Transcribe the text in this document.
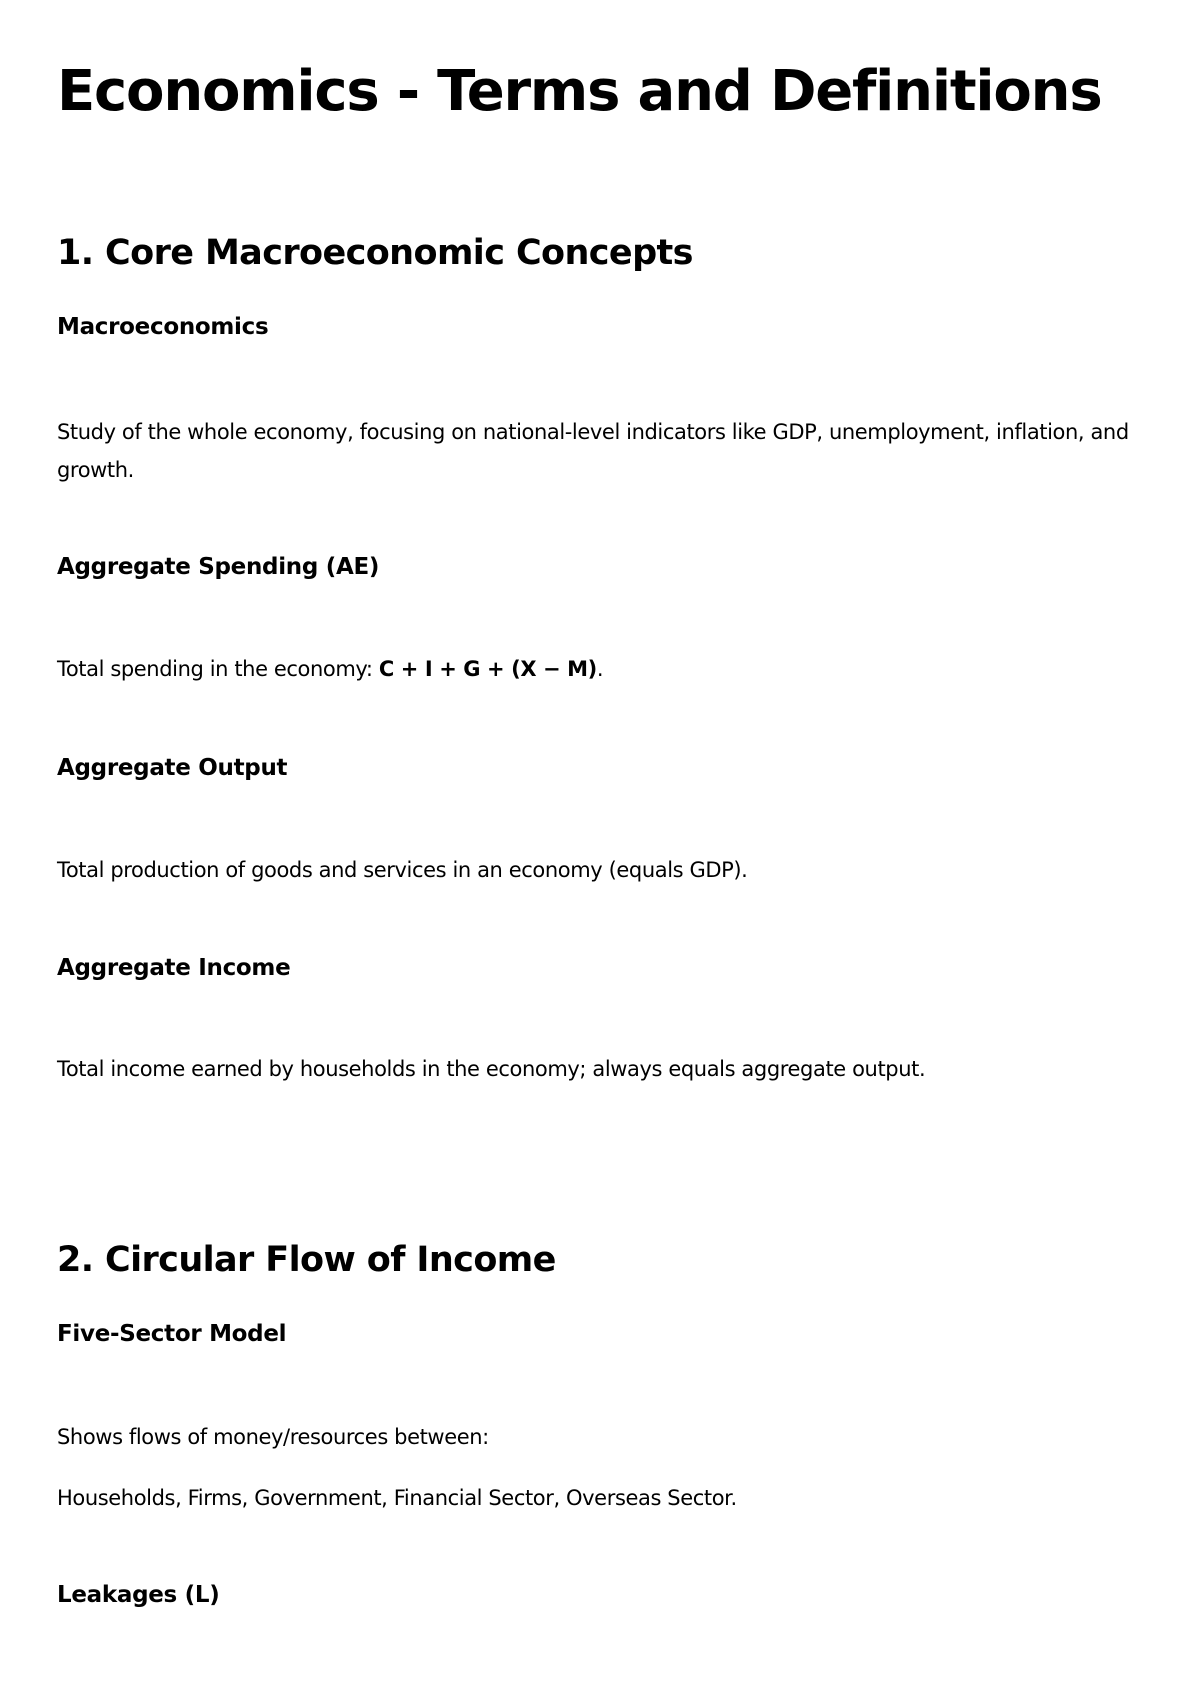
Economics - Terms and Definitions
1. Core Macroeconomic Concepts
Macroeconomics
Study of the whole economy, focusing on national-level indicators like GDP, unemployment, inflation, and growth.
Aggregate Spending (AE)
Total spending in the economy: C + I + G + (X − M).
Aggregate Output
Total production of goods and services in an economy (equals GDP).
Aggregate Income
Total income earned by households in the economy; always equals aggregate output.
2. Circular Flow of Income
Five-Sector Model
Shows flows of money/resources between:
Households, Firms, Government, Financial Sector, Overseas Sector.
Leakages (L)
